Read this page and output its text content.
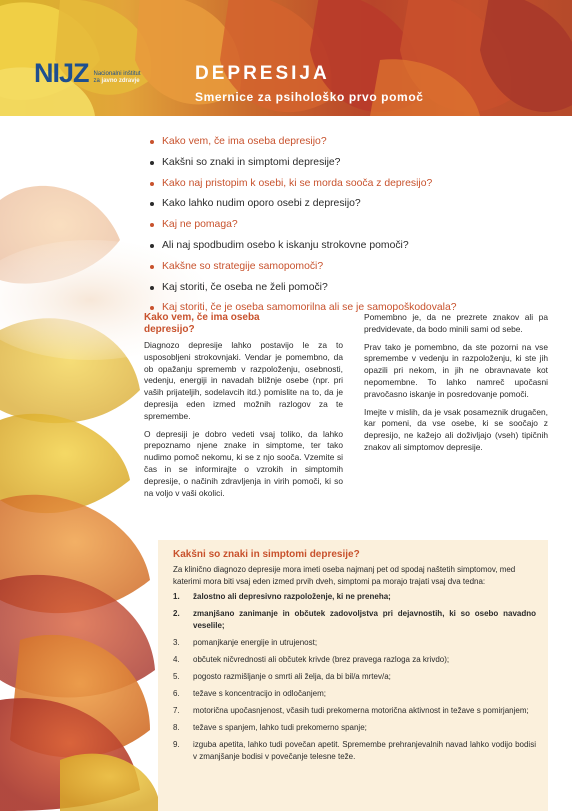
NIJZ Nacionalni inštitut
za javno zdravje	DEPRESIJA
Smernice za psihološko prvo pomoč
Kako vem, če ima oseba depresijo?
Kakšni so znaki in simptomi depresije?
Kako naj pristopim k osebi, ki se morda sooča z depresijo?
Kako lahko nudim oporo osebi z depresijo?
Kaj ne pomaga?
Ali naj spodbudim osebo k iskanju strokovne pomoči?
Kakšne so strategije samopomoči?
Kaj storiti, če oseba ne želi pomoči?
Kaj storiti, če je oseba samomorilna ali se je samopoškodovala?
Kako vem, če ima oseba depresijo?

Diagnozo depresije lahko postavijo le za to usposobljeni strokovnjaki. Vendar je pomembno, da ob opažanju sprememb v razpoloženju, osebnosti, vedenju, energiji in navadah bližnje osebe (npr. pri vaših prijateljih, sodelavcih itd.) pomislite na to, da je depresija eden izmed možnih razlogov za te spremembe.

O depresiji je dobro vedeti vsaj toliko, da lahko prepoznamo njene znake in simptome, ter tako nudimo pomoč nekomu, ki se z njo sooča. Vzemite si čas in se informirajte o vzrokih in simptomih depresije, o načinih zdravljenja in virih pomoči, ki so na voljo v vaši okolici.

Pomembno je, da ne prezrete znakov ali pa predvidevate, da bodo minili sami od sebe.

Prav tako je pomembno, da ste pozorni na vse spremembe v vedenju in razpoloženju, ki ste jih opazili pri nekom, in jih ne obravnavate kot nepomembne. To lahko namreč upočasni pravočasno iskanje in posredovanje pomoči.

Imejte v mislih, da je vsak posameznik drugačen, kar pomeni, da vse osebe, ki se soočajo z depresijo, ne kažejo ali doživljajo (vseh) tipičnih znakov ali simptomov depresije.

Kakšni so znaki in simptomi depresije?

Za klinično diagnozo depresije mora imeti oseba najmanj pet od spodaj naštetih simptomov, med katerimi mora biti vsaj eden izmed prvih dveh, simptomi pa morajo trajati vsaj dva tedna:

1.	žalostno ali depresivno razpoloženje, ki ne preneha;
2.	zmanjšano zanimanje in občutek zadovoljstva pri dejavnostih, ki so osebo navadno veselile;
3.	pomanjkanje energije in utrujenost;
4.	občutek ničvrednosti ali občutek krivde (brez pravega razloga za krivdo);
5.	pogosto razmišljanje o smrti ali želja, da bi bil/a mrtev/a;
6.	težave s koncentracijo in odločanjem;
7.	motorična upočasnjenost, včasih tudi prekomerna motorična aktivnost in težave s pomirjanjem;
8.	težave s spanjem, lahko tudi prekomerno spanje;
9.	izguba apetita, lahko tudi povečan apetit. Spremembe prehranjevalnih navad lahko vodijo bodisi v zmanjšanje bodisi v povečanje telesne teže.
